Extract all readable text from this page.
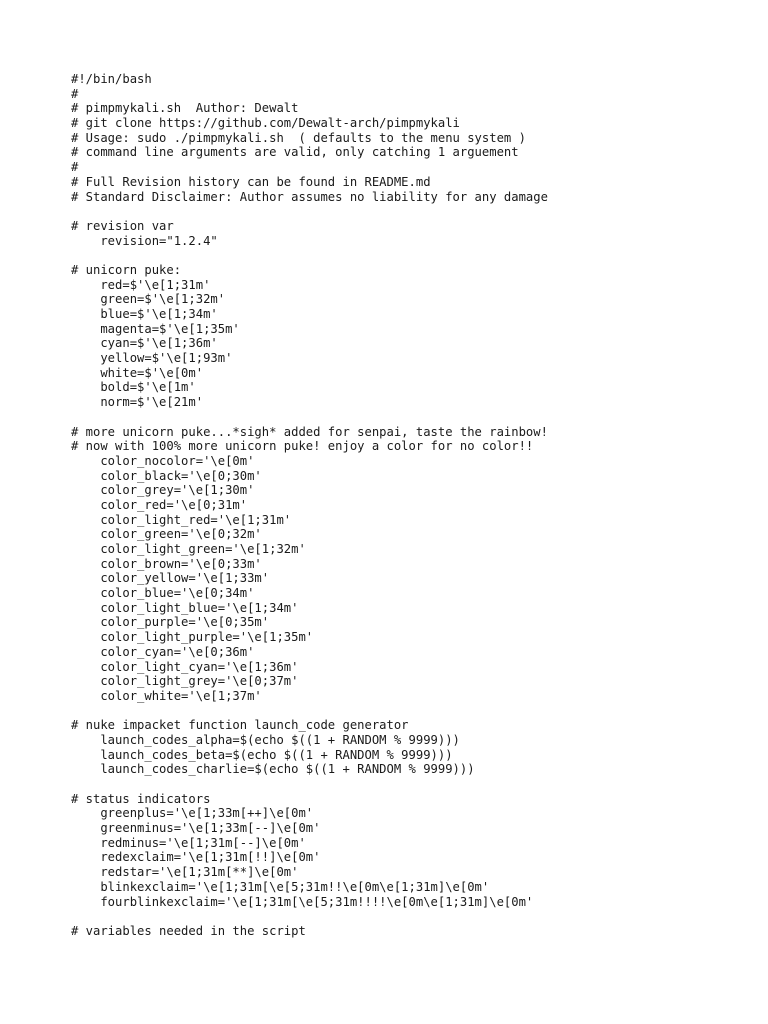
#!/bin/bash
#
# pimpmykali.sh  Author: Dewalt
# git clone https://github.com/Dewalt-arch/pimpmykali
# Usage: sudo ./pimpmykali.sh  ( defaults to the menu system )
# command line arguments are valid, only catching 1 arguement
#
# Full Revision history can be found in README.md
# Standard Disclaimer: Author assumes no liability for any damage
# revision var
revision="1.2.4"
# unicorn puke:
red=$'\e[1;31m'
green=$'\e[1;32m'
blue=$'\e[1;34m'
magenta=$'\e[1;35m'
cyan=$'\e[1;36m'
yellow=$'\e[1;93m'
white=$'\e[0m'
bold=$'\e[1m'
norm=$'\e[21m'
# more unicorn puke...*sigh* added for senpai, taste the rainbow!
# now with 100% more unicorn puke! enjoy a color for no color!!
color_nocolor='\e[0m'
color_black='\e[0;30m'
color_grey='\e[1;30m'
color_red='\e[0;31m'
color_light_red='\e[1;31m'
color_green='\e[0;32m'
color_light_green='\e[1;32m'
color_brown='\e[0;33m'
color_yellow='\e[1;33m'
color_blue='\e[0;34m'
color_light_blue='\e[1;34m'
color_purple='\e[0;35m'
color_light_purple='\e[1;35m'
color_cyan='\e[0;36m'
color_light_cyan='\e[1;36m'
color_light_grey='\e[0;37m'
color_white='\e[1;37m'
# nuke impacket function launch_code generator
launch_codes_alpha=$(echo $((1 + RANDOM % 9999)))
launch_codes_beta=$(echo $((1 + RANDOM % 9999)))
launch_codes_charlie=$(echo $((1 + RANDOM % 9999)))
# status indicators
greenplus='\e[1;33m[++]\e[0m'
greenminus='\e[1;33m[--]\e[0m'
redminus='\e[1;31m[--]\e[0m'
redexclaim='\e[1;31m[!!]\e[0m'
redstar='\e[1;31m[**]\e[0m'
blinkexclaim='\e[1;31m[\e[5;31m!!\e[0m\e[1;31m]\e[0m'
fourblinkexclaim='\e[1;31m[\e[5;31m!!!!\e[0m\e[1;31m]\e[0m'
# variables needed in the script
